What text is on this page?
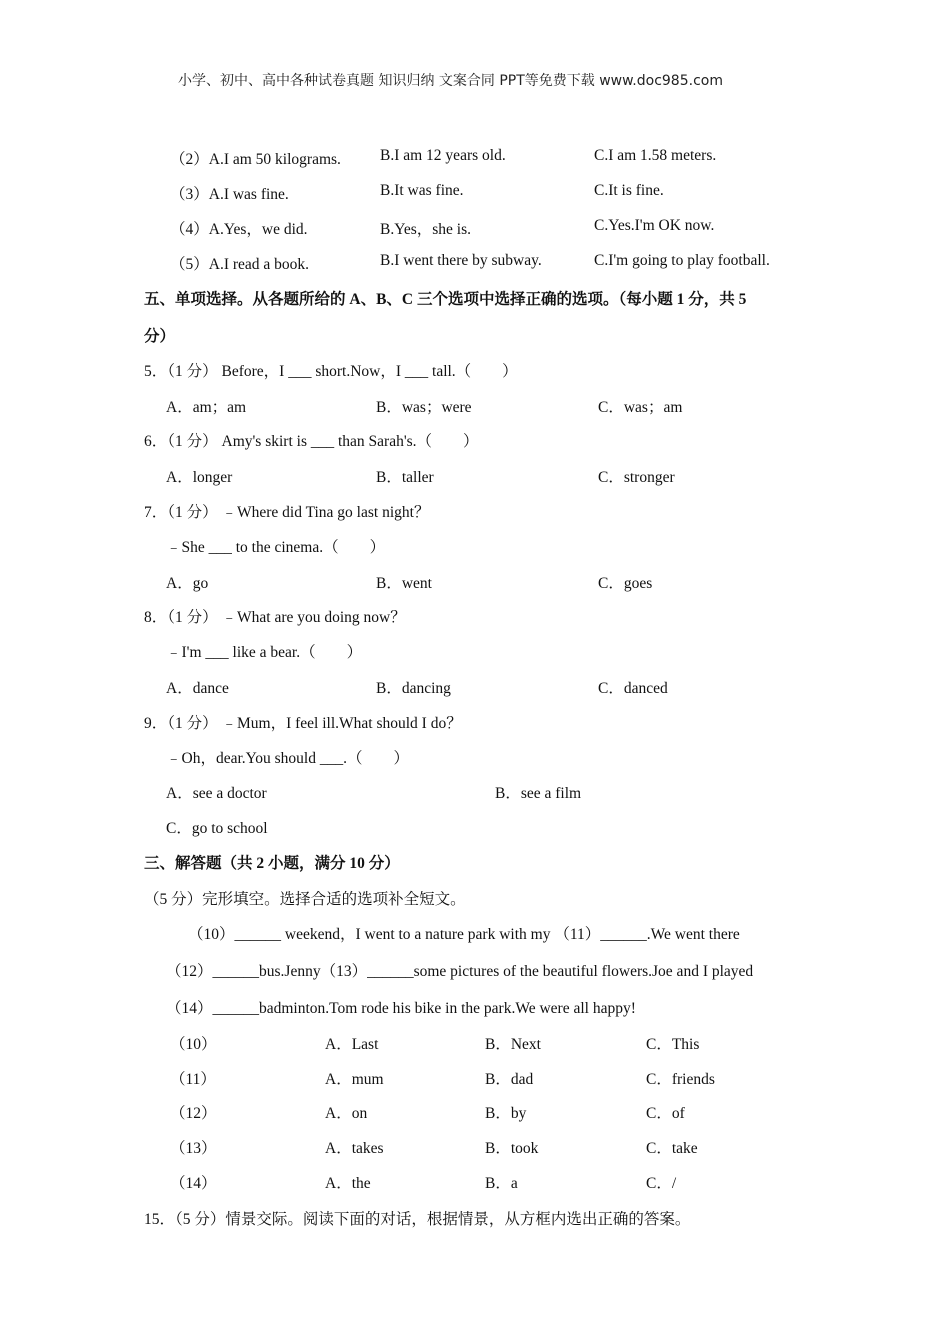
小学、初中、高中各种试卷真题 知识归纳 文案合同 PPT等免费下载 www.doc985.com
（2）A.I am 50 kilograms.	B.I am 12 years old.	C.I am 1.58 meters.
（3）A.I was fine.	B.It was fine.	C.It is fine.
（4）A.Yes，we did.	B.Yes，she is.	C.Yes.I'm OK now.
（5）A.I read a book.	B.I went there by subway.	C.I'm going to play football.
五、单项选择。从各题所给的 A、B、C 三个选项中选择正确的选项。（每小题 1 分，共 5
分）
5．（1 分） Before，I ___ short.Now，I ___ tall.（　　）
A．am；am	B．was；were	C．was；am
6．（1 分） Amy's skirt is ___ than Sarah's.（　　）
A．longer	B．taller	C．stronger
7．（1 分） ﹣Where did Tina go last night？
﹣She ___ to the cinema.（　　）
A．go	B．went	C．goes
8．（1 分） ﹣What are you doing now？
﹣I'm ___ like a bear.（　　）
A．dance	B．dancing	C．danced
9．（1 分） ﹣Mum，I feel ill.What should I do？
﹣Oh，dear.You should ___.（　　）
A．see a doctor	B．see a film
C．go to school
三、解答题（共 2 小题，满分 10 分）
（5 分）完形填空。选择合适的选项补全短文。
（10）______ weekend，I went to a nature park with my （11）______.We went there
（12）______bus.Jenny（13）______some pictures of the beautiful flowers.Joe and I played
（14）______badminton.Tom rode his bike in the park.We were all happy!
（10）	A．Last	B．Next	C．This
（11）	A．mum	B．dad	C．friends
（12）	A．on	B．by	C．of
（13）	A．takes	B．took	C．take
（14）	A．the	B．a	C．/
15．（5 分）情景交际。阅读下面的对话，根据情景，从方框内选出正确的答案。
